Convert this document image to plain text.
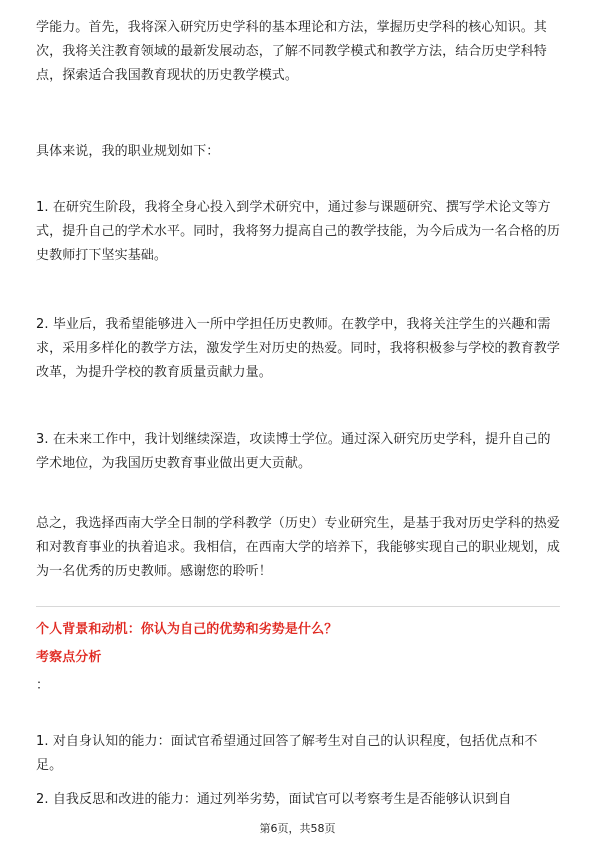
学能力。首先，我将深入研究历史学科的基本理论和方法，掌握历史学科的核心知识。其次，我将关注教育领域的最新发展动态，了解不同教学模式和教学方法，结合历史学科特点，探索适合我国教育现状的历史教学模式。

具体来说，我的职业规划如下：

1. 在研究生阶段，我将全身心投入到学术研究中，通过参与课题研究、撰写学术论文等方式，提升自己的学术水平。同时，我将努力提高自己的教学技能，为今后成为一名合格的历史教师打下坚实基础。

2. 毕业后，我希望能够进入一所中学担任历史教师。在教学中，我将关注学生的兴趣和需求，采用多样化的教学方法，激发学生对历史的热爱。同时，我将积极参与学校的教育教学改革，为提升学校的教育质量贡献力量。

3. 在未来工作中，我计划继续深造，攻读博士学位。通过深入研究历史学科，提升自己的学术地位，为我国历史教育事业做出更大贡献。

总之，我选择西南大学全日制的学科教学（历史）专业研究生，是基于我对历史学科的热爱和对教育事业的执着追求。我相信，在西南大学的培养下，我能够实现自己的职业规划，成为一名优秀的历史教师。感谢您的聆听！

个人背景和动机：你认为自己的优势和劣势是什么？

考察点分析

：

1. 对自身认知的能力：面试官希望通过回答了解考生对自己的认识程度，包括优点和不足。

2. 自我反思和改进的能力：通过列举劣势，面试官可以考察考生是否能够认识到自

第6页，共58页
